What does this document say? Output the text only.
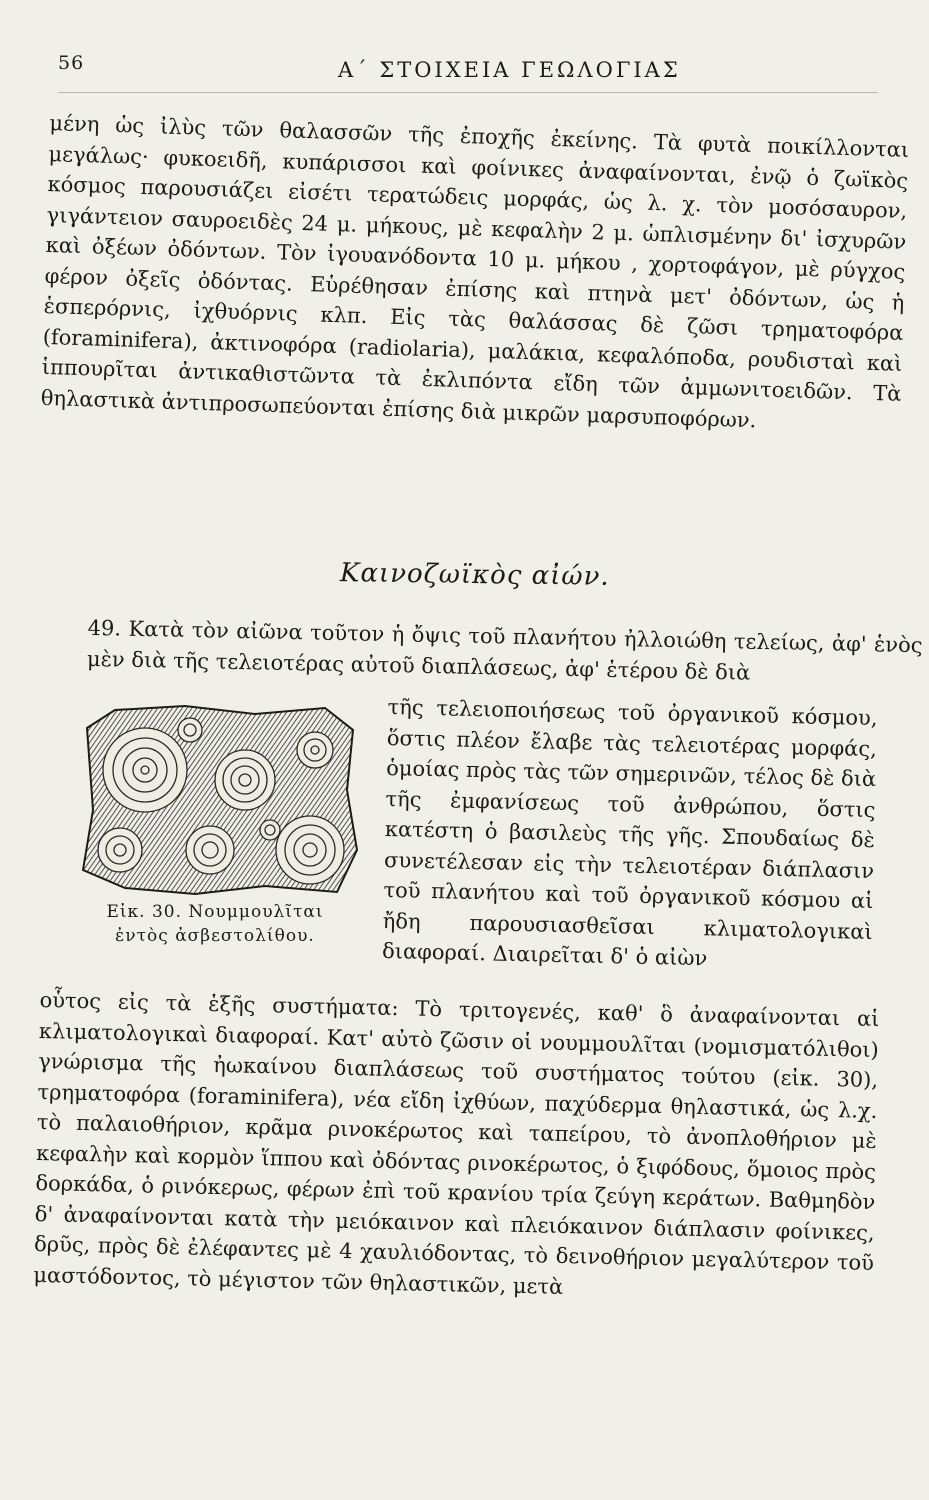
56	Α΄ ΣΤΟΙΧΕΙΑ ΓΕΩΛΟΓΙΑΣ

μένη ὡς ἰλὺς τῶν θαλασσῶν τῆς ἐποχῆς ἐκείνης. Τὰ φυτὰ ποικίλλονται μεγάλως· φυκοειδῆ, κυπάρισσοι καὶ φοίνικες ἀναφαίνονται, ἐνῷ ὁ ζωϊκὸς κόσμος παρουσιάζει εἰσέτι τερατώδεις μορφάς, ὡς λ. χ. τὸν μοσόσαυρον, γιγάντειον σαυροειδὲς 24 μ. μήκους, μὲ κεφαλὴν 2 μ. ὡπλισμένην δι' ἰσχυρῶν καὶ ὀξέων ὀδόντων. Τὸν ἰγουανόδοντα 10 μ. μήκου , χορτοφάγον, μὲ ρύγχος φέρον ὀξεῖς ὀδόντας. Εὑρέθησαν ἐπίσης καὶ πτηνὰ μετ' ὀδόντων, ὡς ἡ ἑσπερόρνις, ἰχθυόρνις κλπ. Εἰς τὰς θαλάσσας δὲ ζῶσι τρηματοφόρα (foraminifera), ἀκτινοφόρα (radiolaria), μαλάκια, κεφαλόποδα, ρουδισταὶ καὶ ἱππουρῖται ἀντικαθιστῶντα τὰ ἐκλιπόντα εἴδη τῶν ἀμμωνιτοειδῶν. Τὰ θηλαστικὰ ἀντιπροσωπεύονται ἐπίσης διὰ μικρῶν μαρσυποφόρων.

Καινοζωϊκὸς αἰών.

49. Κατὰ τὸν αἰῶνα τοῦτον ἡ ὄψις τοῦ πλανήτου ἠλλοιώθη τελείως, ἀφ' ἑνὸς μὲν διὰ τῆς τελειοτέρας αὐτοῦ διαπλάσεως, ἀφ' ἑτέρου δὲ διὰ

Εἰκ. 30. Νουμμουλῖται
ἐντὸς ἀσβεστολίθου.

τῆς τελειοποιήσεως τοῦ ὀργανικοῦ κόσμου, ὅστις πλέον ἔλαβε τὰς τελειοτέρας μορφάς, ὁμοίας πρὸς τὰς τῶν σημερινῶν, τέλος δὲ διὰ τῆς ἐμφανίσεως τοῦ ἀνθρώπου, ὅστις κατέστη ὁ βασιλεὺς τῆς γῆς. Σπουδαίως δὲ συνετέλεσαν εἰς τὴν τελειοτέραν διάπλασιν τοῦ πλανήτου καὶ τοῦ ὀργανικοῦ κόσμου αἱ ἤδη παρουσιασθεῖσαι κλιματολογικαὶ διαφοραί. Διαιρεῖται δ' ὁ αἰὼν

οὗτος εἰς τὰ ἑξῆς συστήματα: Τὸ τριτογενές, καθ' ὃ ἀναφαίνονται αἱ κλιματολογικαὶ διαφοραί. Κατ' αὐτὸ ζῶσιν οἱ νουμμουλῖται (νομισματόλιθοι) γνώρισμα τῆς ἠωκαίνου διαπλάσεως τοῦ συστήματος τούτου (εἰκ. 30), τρηματοφόρα (foraminifera), νέα εἴδη ἰχθύων, παχύδερμα θηλαστικά, ὡς λ.χ. τὸ παλαιοθήριον, κρᾶμα ρινοκέρωτος καὶ ταπείρου, τὸ ἀνοπλοθήριον μὲ κεφαλὴν καὶ κορμὸν ἵππου καὶ ὀδόντας ρινοκέρωτος, ὁ ξιφόδους, ὅμοιος πρὸς δορκάδα, ὁ ρινόκερως, φέρων ἐπὶ τοῦ κρανίου τρία ζεύγη κεράτων. Βαθμηδὸν δ' ἀναφαίνονται κατὰ τὴν μειόκαινον καὶ πλειόκαινον διάπλασιν φοίνικες, δρῦς, πρὸς δὲ ἐλέφαντες μὲ 4 χαυλιόδοντας, τὸ δεινοθήριον μεγαλύτερον τοῦ μαστόδοντος, τὸ μέγιστον τῶν θηλαστικῶν, μετὰ
